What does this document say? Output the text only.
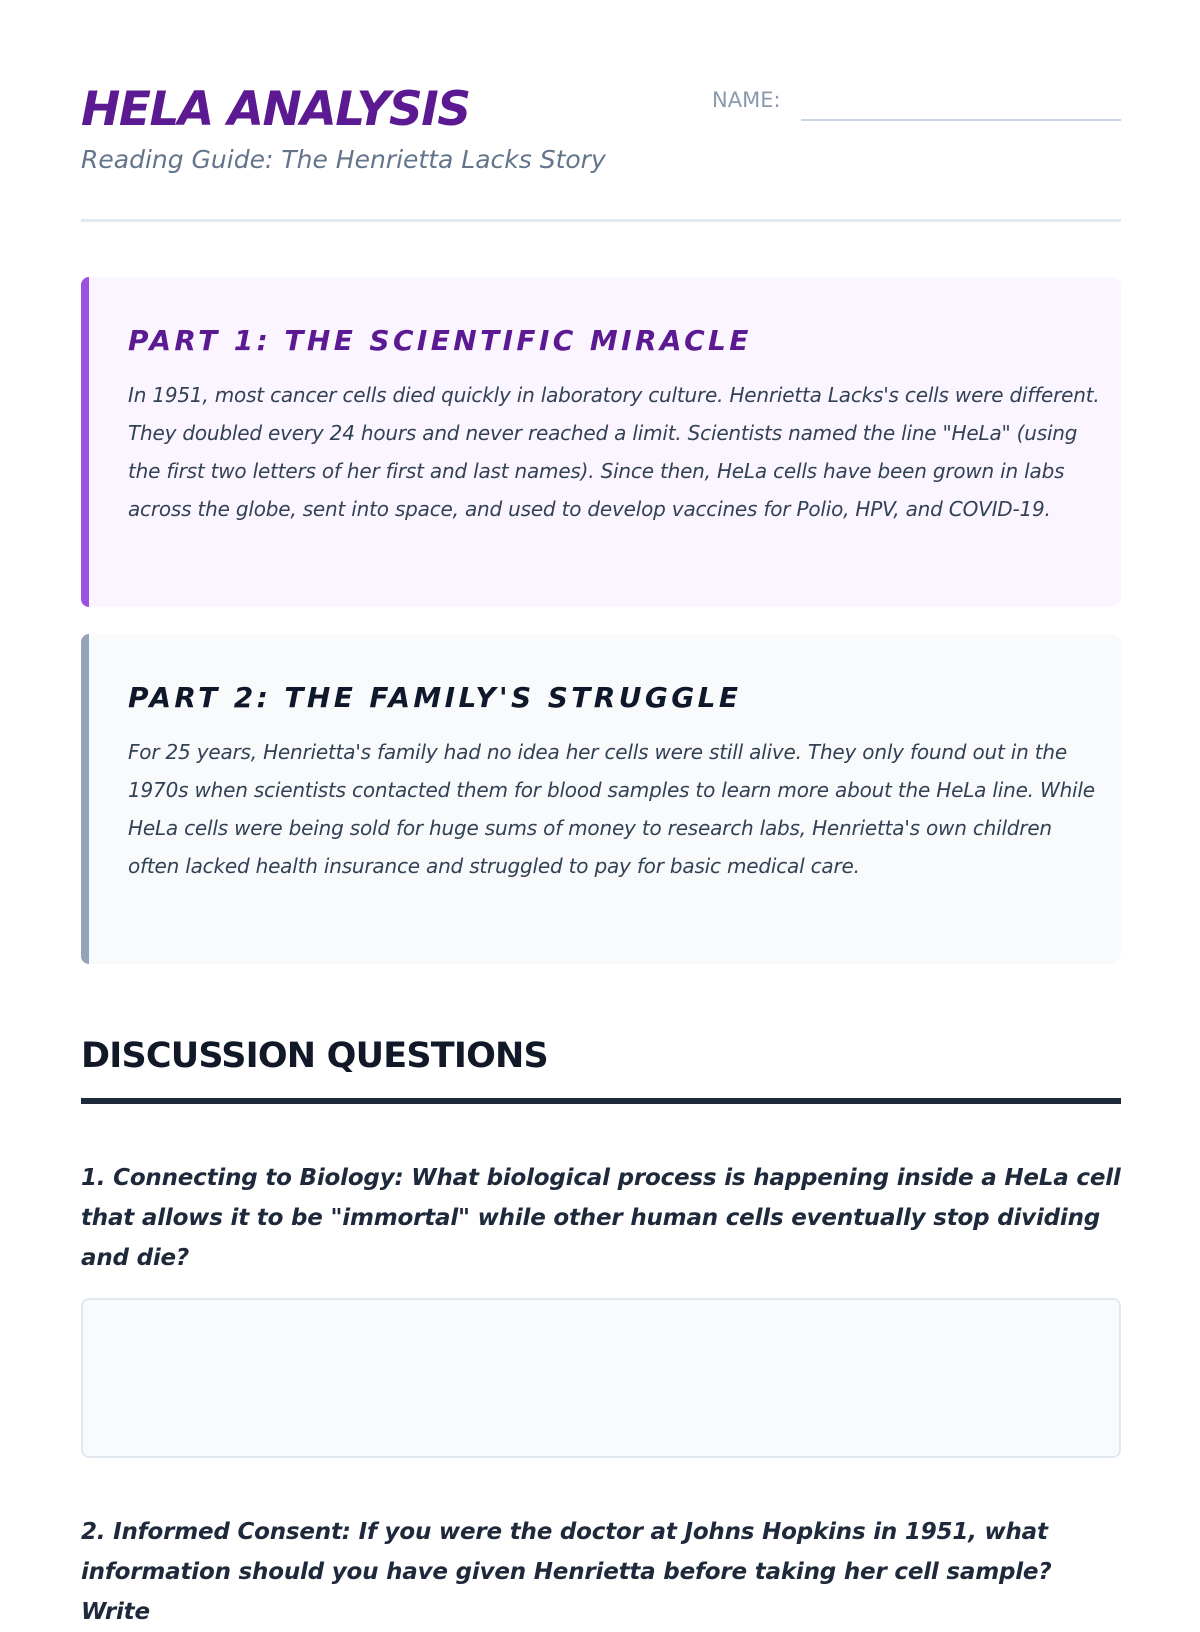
HELA ANALYSIS

Reading Guide: The Henrietta Lacks Story

NAME:
PART 1: THE SCIENTIFIC MIRACLE

In 1951, most cancer cells died quickly in laboratory culture. Henrietta Lacks's cells were different. They doubled every 24 hours and never reached a limit. Scientists named the line "HeLa" (using the first two letters of her first and last names). Since then, HeLa cells have been grown in labs across the globe, sent into space, and used to develop vaccines for Polio, HPV, and COVID-19.

PART 2: THE FAMILY'S STRUGGLE

For 25 years, Henrietta's family had no idea her cells were still alive. They only found out in the 1970s when scientists contacted them for blood samples to learn more about the HeLa line. While HeLa cells were being sold for huge sums of money to research labs, Henrietta's own children often lacked health insurance and struggled to pay for basic medical care.

DISCUSSION QUESTIONS

1. Connecting to Biology: What biological process is happening inside a HeLa cell that allows it to be "immortal" while other human cells eventually stop dividing and die?

2. Informed Consent: If you were the doctor at Johns Hopkins in 1951, what information should you have given Henrietta before taking her cell sample? Write
